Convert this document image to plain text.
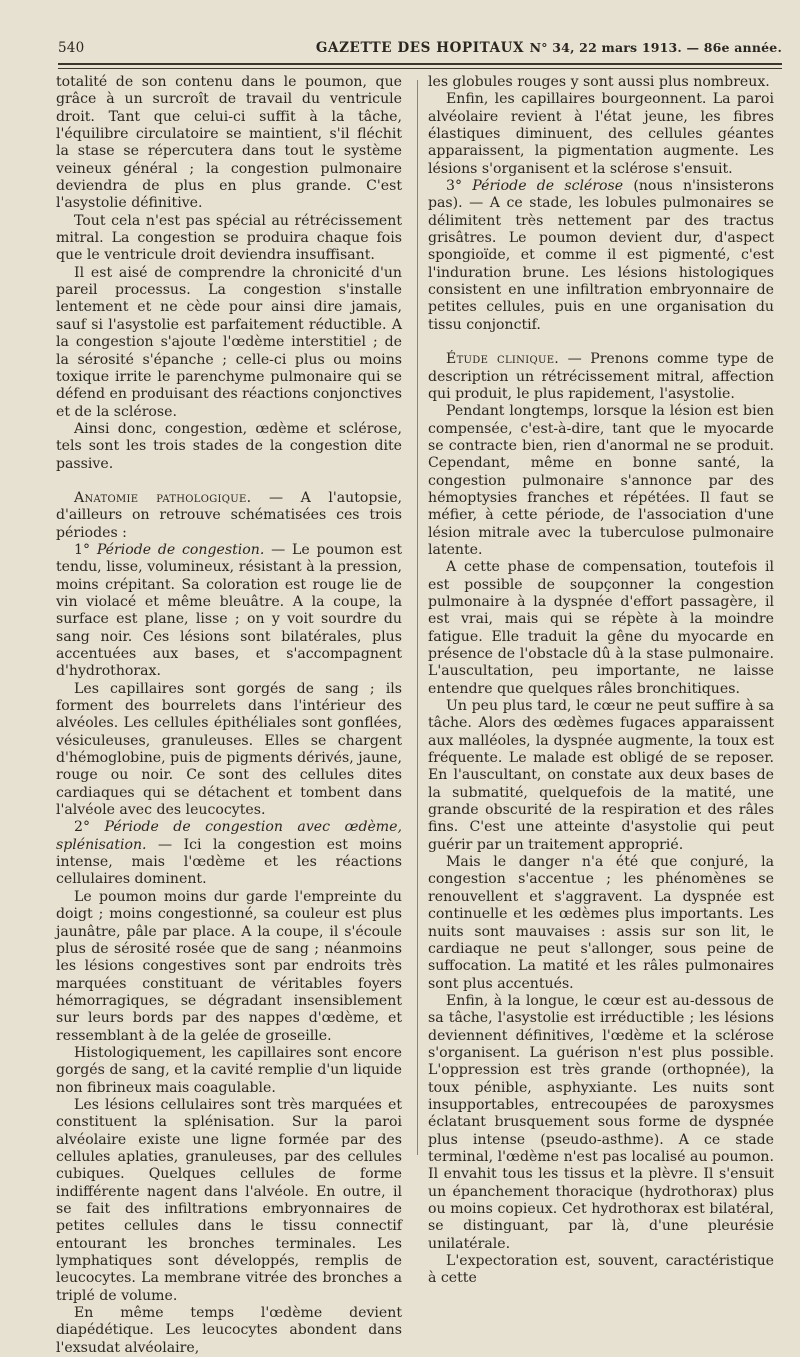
540	GAZETTE DES HOPITAUX N° 34, 22 mars 1913. — 86e année.

totalité de son contenu dans le poumon, que grâce à un surcroît de travail du ventricule droit. Tant que celui-ci suffit à la tâche, l'équilibre circulatoire se maintient, s'il fléchit la stase se répercutera dans tout le système veineux général ; la congestion pulmonaire deviendra de plus en plus grande. C'est l'asystolie définitive.

Tout cela n'est pas spécial au rétrécissement mitral. La congestion se produira chaque fois que le ventricule droit deviendra insuffisant.

Il est aisé de comprendre la chronicité d'un pareil processus. La congestion s'installe lentement et ne cède pour ainsi dire jamais, sauf si l'asystolie est parfaitement réductible. A la congestion s'ajoute l'œdème interstitiel ; de la sérosité s'épanche ; celle-ci plus ou moins toxique irrite le parenchyme pulmonaire qui se défend en produisant des réactions conjonctives et de la sclérose.

Ainsi donc, congestion, œdème et sclérose, tels sont les trois stades de la congestion dite passive.

Anatomie pathologique. — A l'autopsie, d'ailleurs on retrouve schématisées ces trois périodes :

1° Période de congestion. — Le poumon est tendu, lisse, volumineux, résistant à la pression, moins crépitant. Sa coloration est rouge lie de vin violacé et même bleuâtre. A la coupe, la surface est plane, lisse ; on y voit sourdre du sang noir. Ces lésions sont bilatérales, plus accentuées aux bases, et s'accompagnent d'hydrothorax.

Les capillaires sont gorgés de sang ; ils forment des bourrelets dans l'intérieur des alvéoles. Les cellules épithéliales sont gonflées, vésiculeuses, granuleuses. Elles se chargent d'hémoglobine, puis de pigments dérivés, jaune, rouge ou noir. Ce sont des cellules dites cardiaques qui se détachent et tombent dans l'alvéole avec des leucocytes.

2° Période de congestion avec œdème, splénisation. — Ici la congestion est moins intense, mais l'œdème et les réactions cellulaires dominent.

Le poumon moins dur garde l'empreinte du doigt ; moins congestionné, sa couleur est plus jaunâtre, pâle par place. A la coupe, il s'écoule plus de sérosité rosée que de sang ; néanmoins les lésions congestives sont par endroits très marquées constituant de véritables foyers hémorragiques, se dégradant insensiblement sur leurs bords par des nappes d'œdème, et ressemblant à de la gelée de groseille.

Histologiquement, les capillaires sont encore gorgés de sang, et la cavité remplie d'un liquide non fibrineux mais coagulable.

Les lésions cellulaires sont très marquées et constituent la splénisation. Sur la paroi alvéolaire existe une ligne formée par des cellules aplaties, granuleuses, par des cellules cubiques. Quelques cellules de forme indifférente nagent dans l'alvéole. En outre, il se fait des infiltrations embryonnaires de petites cellules dans le tissu connectif entourant les bronches terminales. Les lymphatiques sont développés, remplis de leucocytes. La membrane vitrée des bronches a triplé de volume.

En même temps l'œdème devient diapédétique. Les leucocytes abondent dans l'exsudat alvéolaire,

les globules rouges y sont aussi plus nombreux.

Enfin, les capillaires bourgeonnent. La paroi alvéolaire revient à l'état jeune, les fibres élastiques diminuent, des cellules géantes apparaissent, la pigmentation augmente. Les lésions s'organisent et la sclérose s'ensuit.

3° Période de sclérose (nous n'insisterons pas). — A ce stade, les lobules pulmonaires se délimitent très nettement par des tractus grisâtres. Le poumon devient dur, d'aspect spongioïde, et comme il est pigmenté, c'est l'induration brune. Les lésions histologiques consistent en une infiltration embryonnaire de petites cellules, puis en une organisation du tissu conjonctif.

Étude clinique. — Prenons comme type de description un rétrécissement mitral, affection qui produit, le plus rapidement, l'asystolie.

Pendant longtemps, lorsque la lésion est bien compensée, c'est-à-dire, tant que le myocarde se contracte bien, rien d'anormal ne se produit. Cependant, même en bonne santé, la congestion pulmonaire s'annonce par des hémoptysies franches et répétées. Il faut se méfier, à cette période, de l'association d'une lésion mitrale avec la tuberculose pulmonaire latente.

A cette phase de compensation, toutefois il est possible de soupçonner la congestion pulmonaire à la dyspnée d'effort passagère, il est vrai, mais qui se répète à la moindre fatigue. Elle traduit la gêne du myocarde en présence de l'obstacle dû à la stase pulmonaire. L'auscultation, peu importante, ne laisse entendre que quelques râles bronchitiques.

Un peu plus tard, le cœur ne peut suffire à sa tâche. Alors des œdèmes fugaces apparaissent aux malléoles, la dyspnée augmente, la toux est fréquente. Le malade est obligé de se reposer. En l'auscultant, on constate aux deux bases de la submatité, quelquefois de la matité, une grande obscurité de la respiration et des râles fins. C'est une atteinte d'asystolie qui peut guérir par un traitement approprié.

Mais le danger n'a été que conjuré, la congestion s'accentue ; les phénomènes se renouvellent et s'aggravent. La dyspnée est continuelle et les œdèmes plus importants. Les nuits sont mauvaises : assis sur son lit, le cardiaque ne peut s'allonger, sous peine de suffocation. La matité et les râles pulmonaires sont plus accentués.

Enfin, à la longue, le cœur est au-dessous de sa tâche, l'asystolie est irréductible ; les lésions deviennent définitives, l'œdème et la sclérose s'organisent. La guérison n'est plus possible. L'oppression est très grande (orthopnée), la toux pénible, asphyxiante. Les nuits sont insupportables, entrecoupées de paroxysmes éclatant brusquement sous forme de dyspnée plus intense (pseudo-asthme). A ce stade terminal, l'œdème n'est pas localisé au poumon. Il envahit tous les tissus et la plèvre. Il s'ensuit un épanchement thoracique (hydrothorax) plus ou moins copieux. Cet hydrothorax est bilatéral, se distinguant, par là, d'une pleurésie unilatérale.

L'expectoration est, souvent, caractéristique à cette
